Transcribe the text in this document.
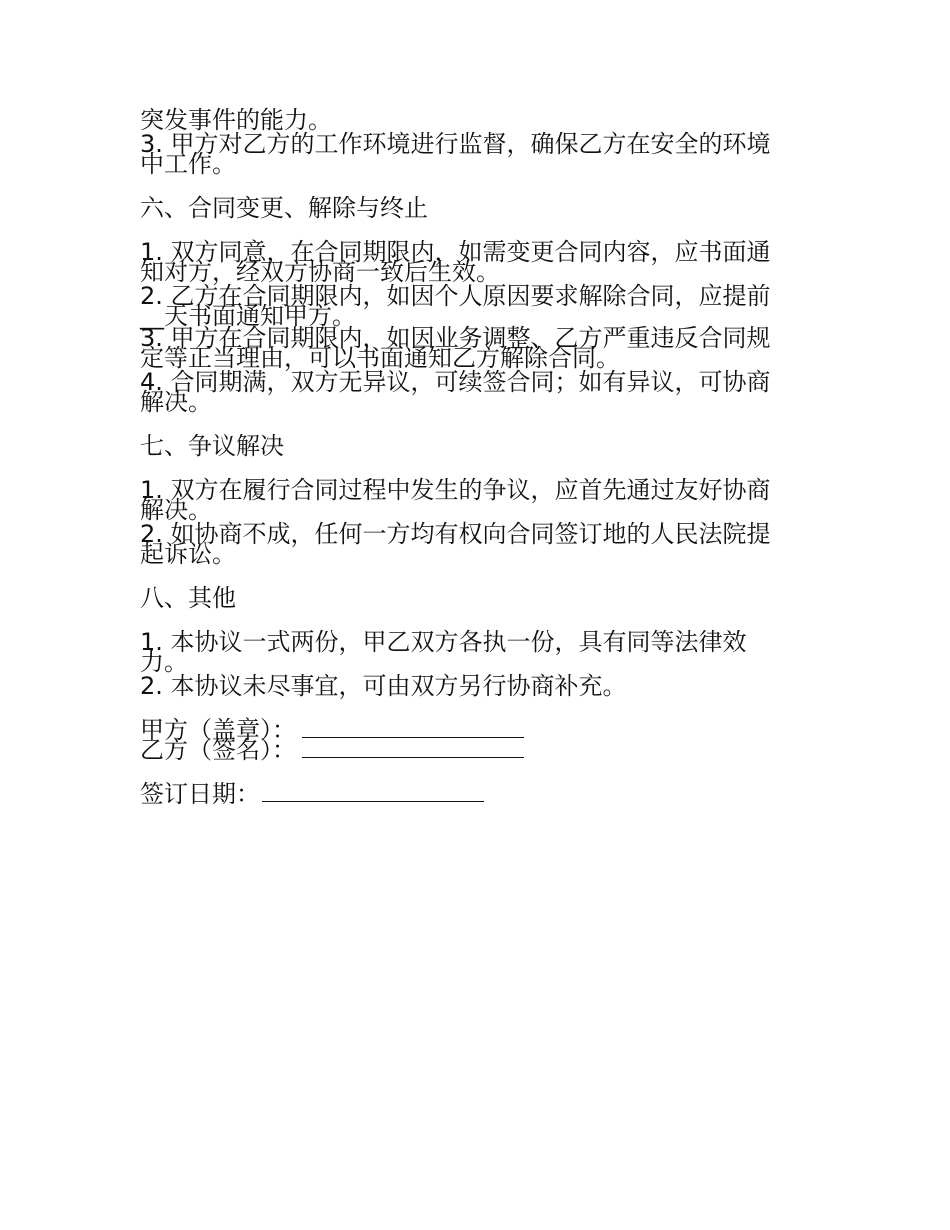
突发事件的能力。
3. 甲方对乙方的工作环境进行监督，确保乙方在安全的环境
中工作。
六、合同变更、解除与终止
1. 双方同意，在合同期限内，如需变更合同内容，应书面通
知对方，经双方协商一致后生效。
2. 乙方在合同期限内，如因个人原因要求解除合同，应提前
__天书面通知甲方。
3. 甲方在合同期限内，如因业务调整、乙方严重违反合同规
定等正当理由，可以书面通知乙方解除合同。
4. 合同期满，双方无异议，可续签合同；如有异议，可协商
解决。
七、争议解决
1. 双方在履行合同过程中发生的争议，应首先通过友好协商
解决。
2. 如协商不成，任何一方均有权向合同签订地的人民法院提
起诉讼。
八、其他
1. 本协议一式两份，甲乙双方各执一份，具有同等法律效
力。
2. 本协议未尽事宜，可由双方另行协商补充。
甲方（盖章）：
乙方（签名）：
签订日期：
